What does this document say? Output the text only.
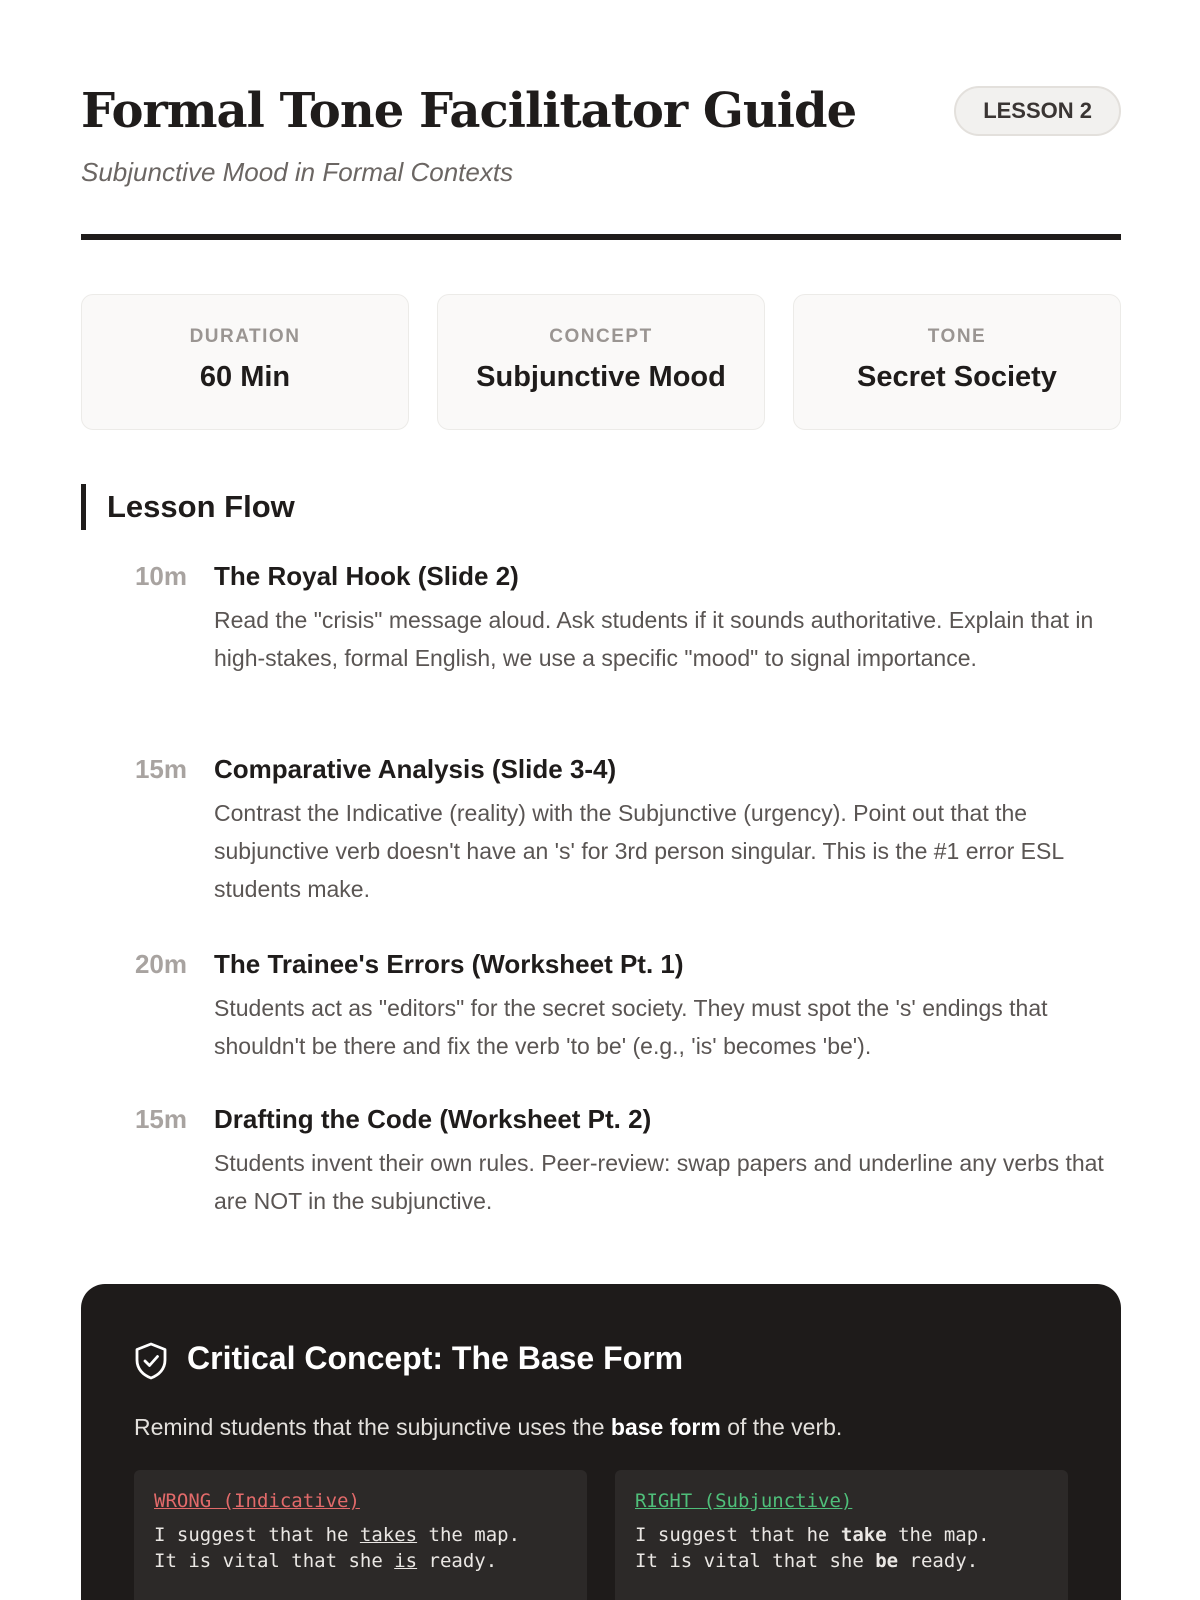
Formal Tone Facilitator Guide
Subjunctive Mood in Formal Contexts
LESSON 2
DURATION
60 Min
CONCEPT
Subjunctive Mood
TONE
Secret Society
Lesson Flow
10m The Royal Hook (Slide 2)

Read the "crisis" message aloud. Ask students if it sounds authoritative. Explain that in high-stakes, formal English, we use a specific "mood" to signal importance.

15m Comparative Analysis (Slide 3-4)

Contrast the Indicative (reality) with the Subjunctive (urgency). Point out that the subjunctive verb doesn't have an 's' for 3rd person singular. This is the #1 error ESL students make.

20m The Trainee's Errors (Worksheet Pt. 1)

Students act as "editors" for the secret society. They must spot the 's' endings that shouldn't be there and fix the verb 'to be' (e.g., 'is' becomes 'be').

15m Drafting the Code (Worksheet Pt. 2)

Students invent their own rules. Peer-review: swap papers and underline any verbs that are NOT in the subjunctive.

Critical Concept: The Base Form

Remind students that the subjunctive uses the base form of the verb.

WRONG (Indicative)
I suggest that he takes the map.
It is vital that she is ready.
RIGHT (Subjunctive)
I suggest that he take the map.
It is vital that she be ready.
